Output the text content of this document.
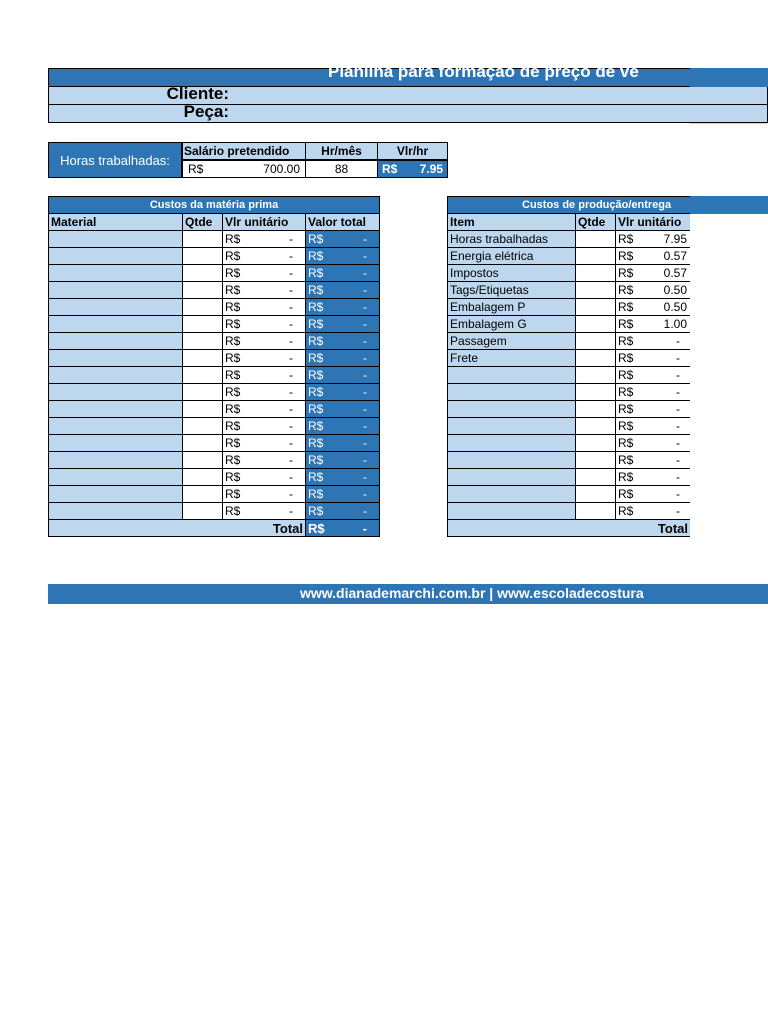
Planilha para formação de preço de ve
Cliente:
Peça:
Horas trabalhadas:
Salário pretendido	Hr/mês	Vlr/hr
R$	700.00	88	R$ 7.95
Custos da matéria prima			
Material	Qtde	Vlr unitário	Valor total

		R$ -	R$ -

		R$ -	R$ -

		R$ -	R$ -

		R$ -	R$ -

		R$ -	R$ -

		R$ -	R$ -

		R$ -	R$ -

		R$ -	R$ -

		R$ -	R$ -

		R$ -	R$ -

		R$ -	R$ -

		R$ -	R$ -

		R$ -	R$ -

		R$ -	R$ -

		R$ -	R$ -

		R$ -	R$ -

		R$ -	R$ -

Total			R$ -
Custos de produção/entrega			
Item	Qtde	Vlr unitário	
Horas trabalhadas		R$ 7.95	

Energia elétrica		R$ 0.57	

Impostos		R$ 0.57	

Tags/Etiquetas		R$ 0.50	

Embalagem P		R$ 0.50	

Embalagem G		R$ 1.00	

Passagem		R$ -	

Frete		R$ -	

		R$ -	

		R$ -	

		R$ -	

		R$ -	

		R$ -	

		R$ -	

		R$ -	

		R$ -	

		R$ -	

Total			
www.dianademarchi.com.br | www.escoladecostura
